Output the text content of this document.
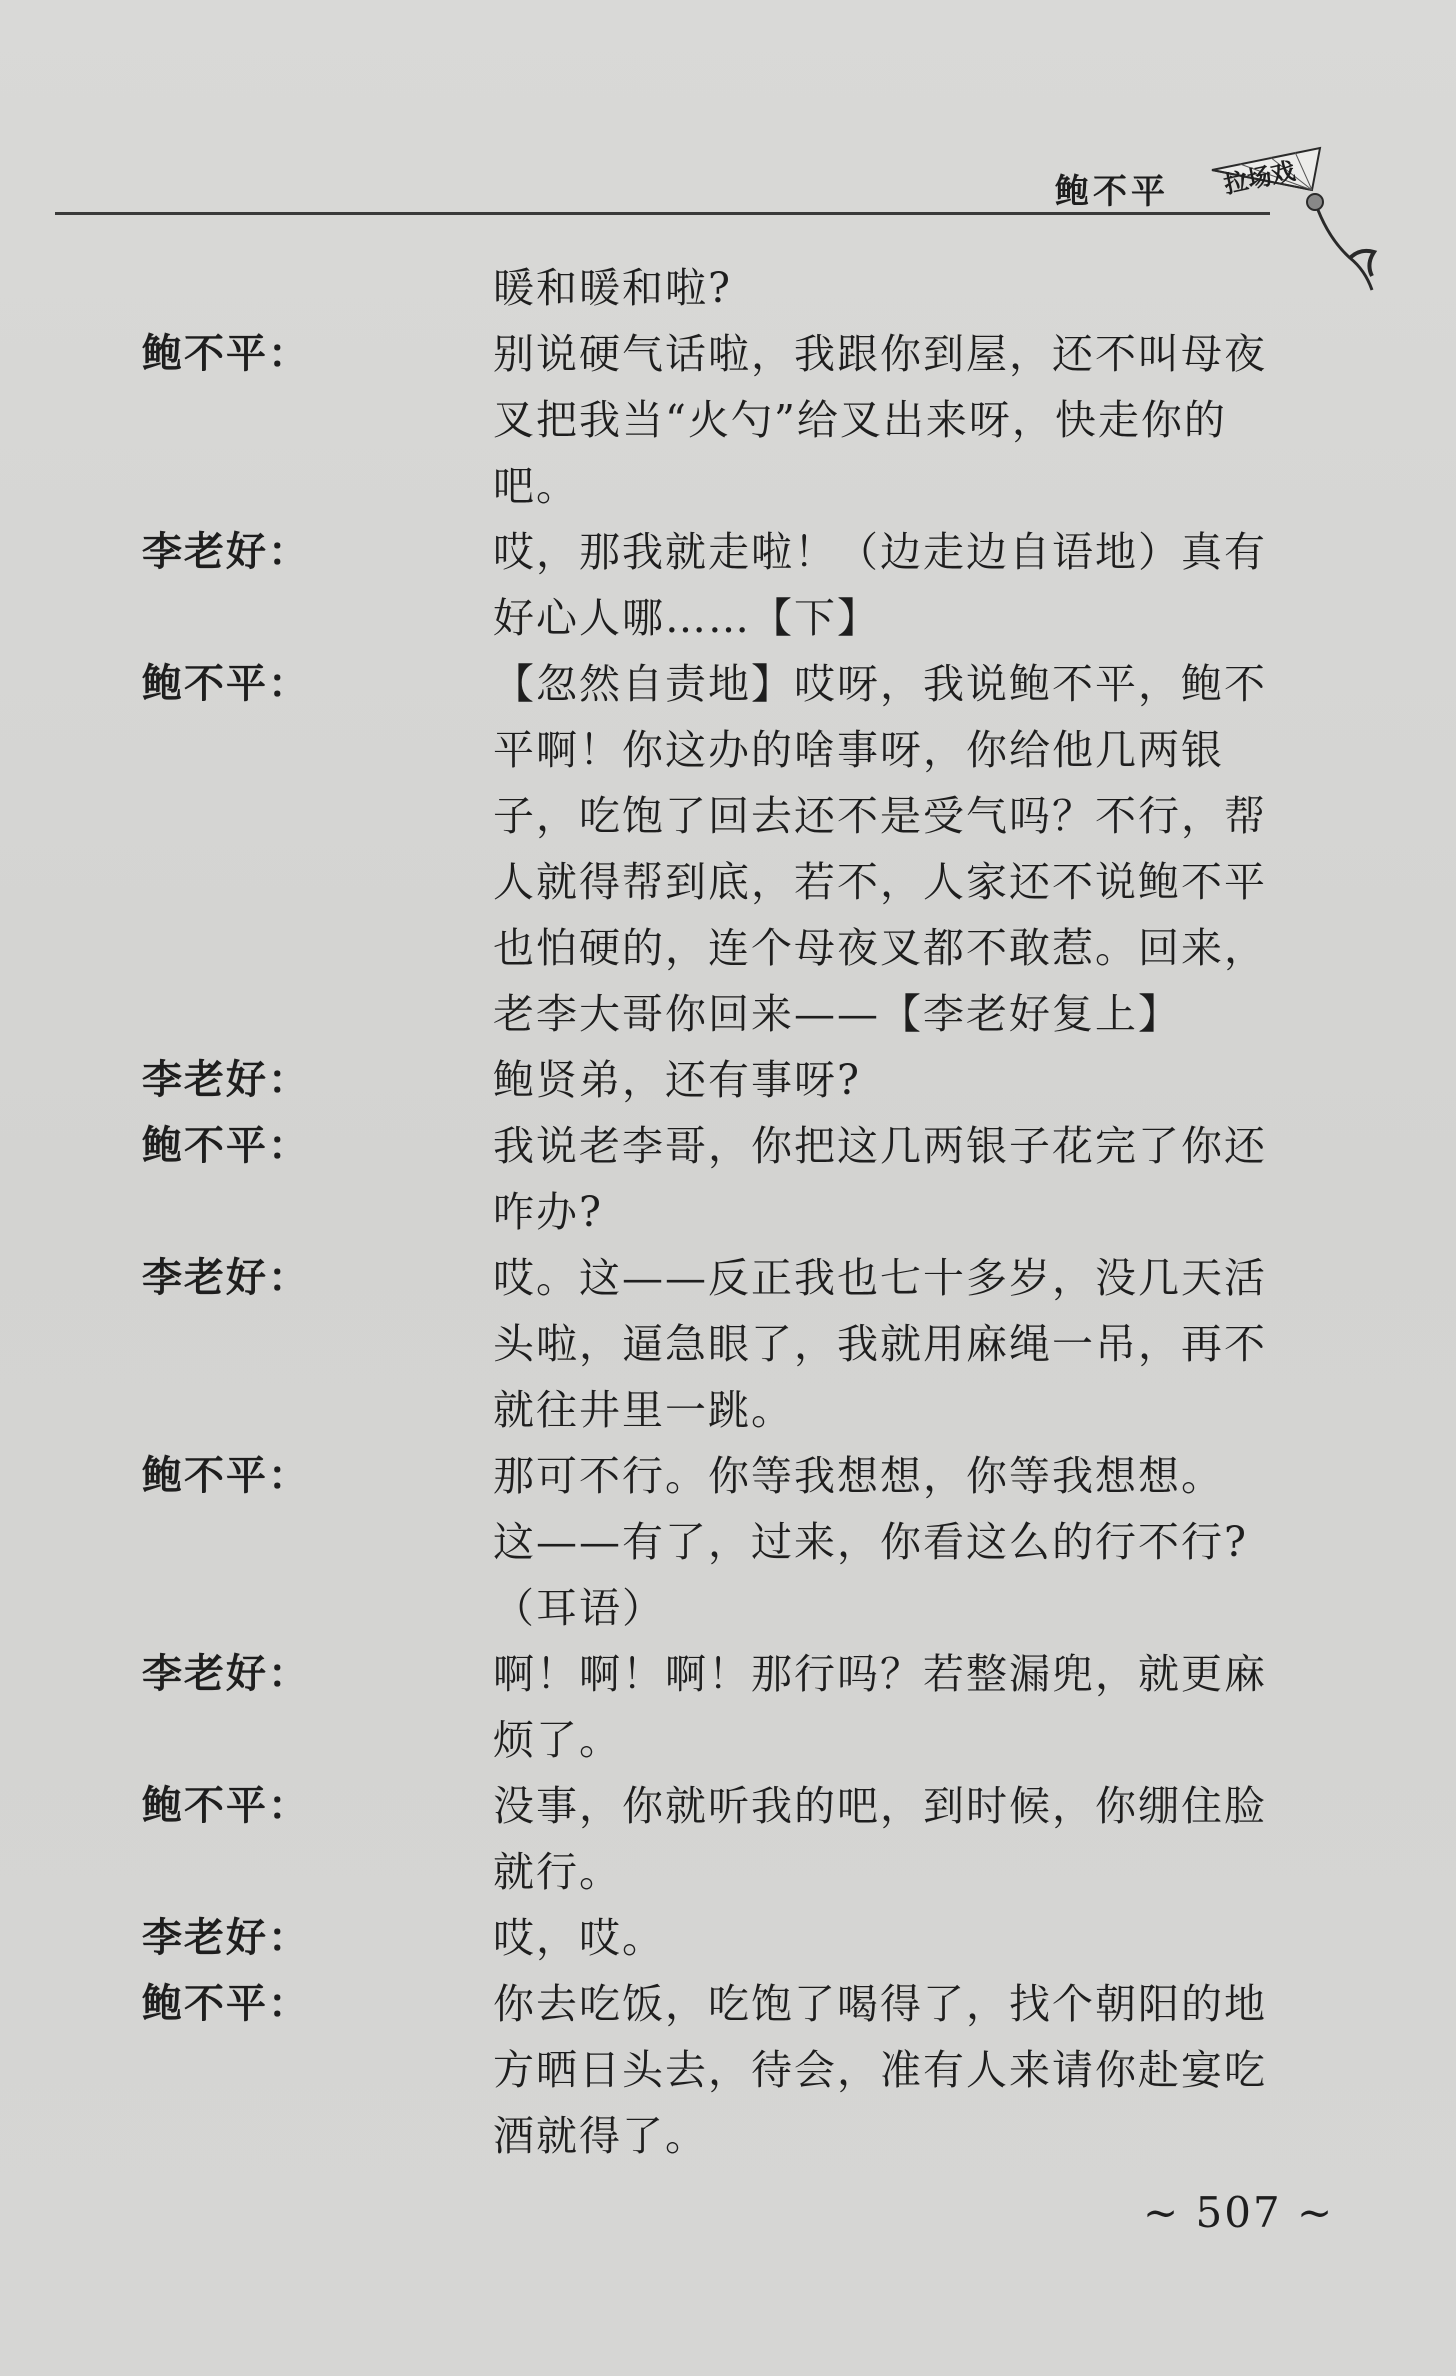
鲍不平 拉场戏
暖和暖和啦?
鲍不平：	别说硬气话啦，我跟你到屋，还不叫母夜
叉把我当“火勺”给叉出来呀，快走你的
吧。
李老好：	哎，那我就走啦！（边走边自语地）真有
好心人哪……【下】
鲍不平：	【忽然自责地】哎呀，我说鲍不平，鲍不
平啊！你这办的啥事呀，你给他几两银
子，吃饱了回去还不是受气吗？不行，帮
人就得帮到底，若不，人家还不说鲍不平
也怕硬的，连个母夜叉都不敢惹。回来，
老李大哥你回来——【李老好复上】
李老好：	鲍贤弟，还有事呀?
鲍不平：	我说老李哥，你把这几两银子花完了你还
咋办?
李老好：	哎。这——反正我也七十多岁，没几天活
头啦，逼急眼了，我就用麻绳一吊，再不
就往井里一跳。
鲍不平：	那可不行。你等我想想，你等我想想。
这——有了，过来，你看这么的行不行?
（耳语）
李老好：	啊！啊！啊！那行吗？若整漏兜，就更麻
烦了。
鲍不平：	没事，你就听我的吧，到时候，你绷住脸
就行。
李老好：	哎，哎。
鲍不平：	你去吃饭，吃饱了喝得了，找个朝阳的地
方晒日头去，待会，准有人来请你赴宴吃
酒就得了。
~ 507 ~
